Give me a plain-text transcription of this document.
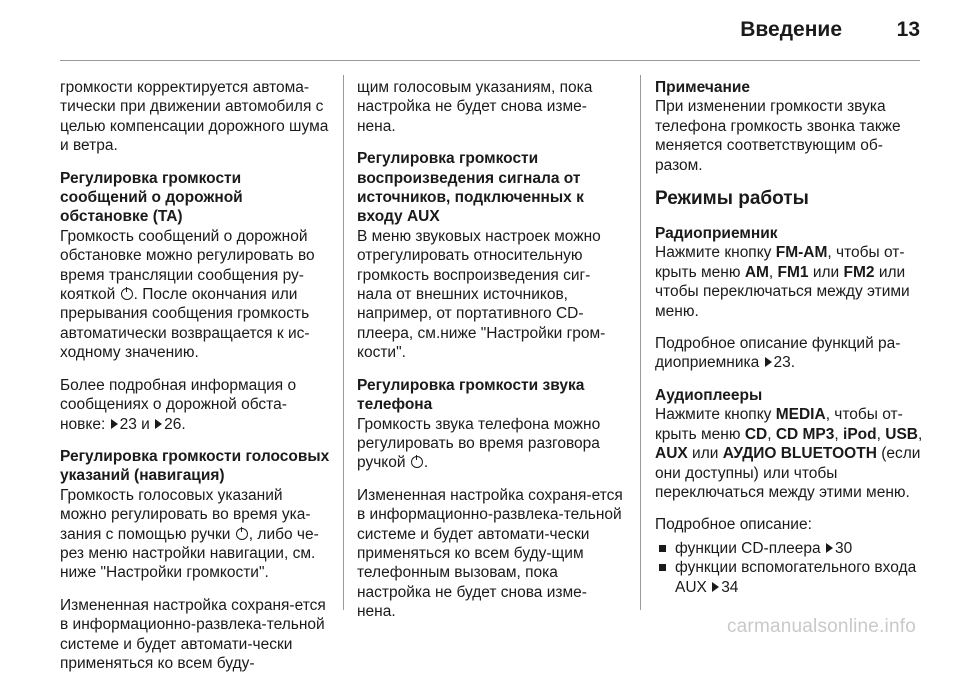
Введение	13

громкости корректируется автома-тически при движении автомобиля с целью компенсации дорожного шума и ветра.

Регулировка громкости сообщений о дорожной обстановке (TA)

Громкость сообщений о дорожной обстановке можно регулировать во время трансляции сообщения ру-кояткой . После окончания или прерывания сообщения громкость автоматически возвращается к ис-ходному значению.

Более подробная информация о сообщениях о дорожной обста-новке: 23 и 26.

Регулировка громкости голосовых указаний (навигация)

Громкость голосовых указаний можно регулировать во время ука-зания с помощью ручки , либо че-рез меню настройки навигации, см. ниже "Настройки громкости".

Измененная настройка сохраня-ется в информационно-развлека-тельной системе и будет автомати-чески применяться ко всем буду-

щим голосовым указаниям, пока настройка не будет снова изме-нена.

Регулировка громкости воспроизведения сигнала от источников, подключенных к входу AUX

В меню звуковых настроек можно отрегулировать относительную громкость воспроизведения сиг-нала от внешних источников, например, от портативного CD-плеера, см.ниже "Настройки гром-кости".

Регулировка громкости звука телефона

Громкость звука телефона можно регулировать во время разговора ручкой .

Измененная настройка сохраня-ется в информационно-развлека-тельной системе и будет автомати-чески применяться ко всем буду-щим телефонным вызовам, пока настройка не будет снова изме-нена.

Примечание

При изменении громкости звука телефона громкость звонка также меняется соответствующим об-разом.

Режимы работы
Радиоприемник

Нажмите кнопку FM-AM, чтобы от-крыть меню AM, FM1 или FM2 или чтобы переключаться между этими меню.

Подробное описание функций ра-диоприемника 23.

Аудиоплееры

Нажмите кнопку MEDIA, чтобы от-крыть меню CD, CD MP3, iPod, USB, AUX или АУДИО BLUETOOTH (если они доступны) или чтобы переключаться между этими меню.

Подробное описание:

функции CD-плеера 30
функции вспомогательного входа AUX 34
carmanualsonline.info
